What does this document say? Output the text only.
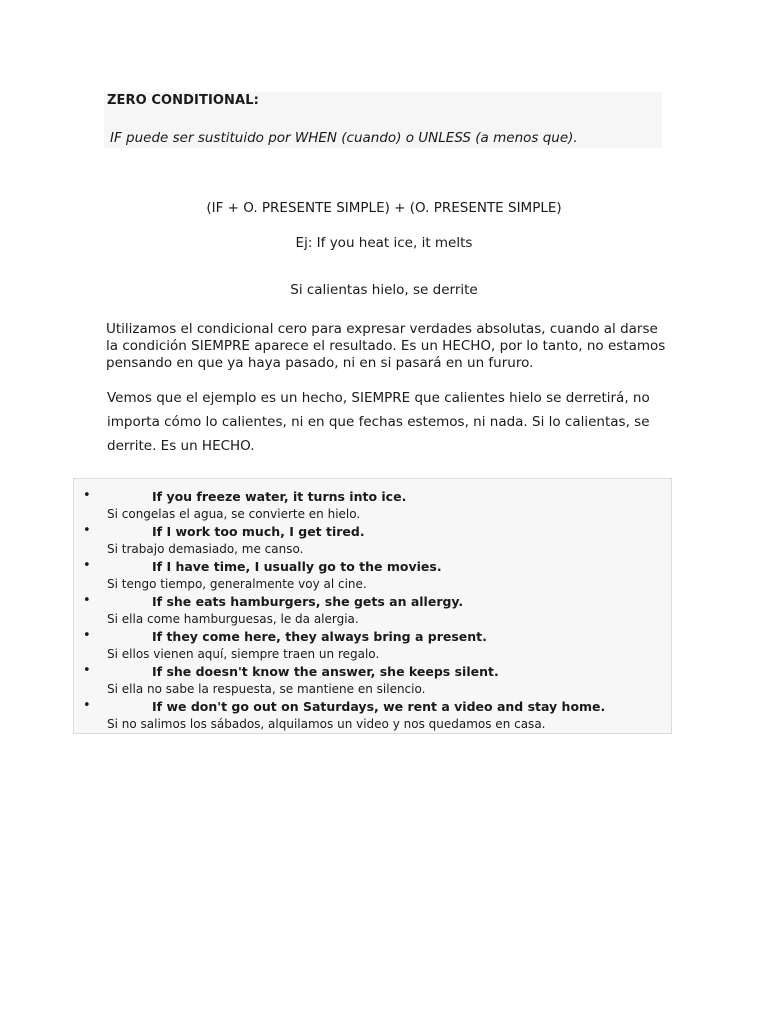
ZERO CONDITIONAL:
IF puede ser sustituido por WHEN (cuando) o UNLESS (a menos que).
(IF + O. PRESENTE SIMPLE) + (O. PRESENTE SIMPLE)
Ej: If you heat ice, it melts
Si calientas hielo, se derrite
Utilizamos el condicional cero para expresar verdades absolutas, cuando al darse la condición SIEMPRE aparece el resultado. Es un HECHO, por lo tanto, no estamos pensando en que ya haya pasado, ni en si pasará en un fururo.
Vemos que el ejemplo es un hecho, SIEMPRE que calientes hielo se derretirá, no importa cómo lo calientes, ni en que fechas estemos, ni nada. Si lo calientas, se derrite. Es un HECHO.
•	If you freeze water, it turns into ice.
Si congelas el agua, se convierte en hielo.
•	If I work too much, I get tired.
Si trabajo demasiado, me canso.
•	If I have time, I usually go to the movies.
Si tengo tiempo, generalmente voy al cine.
•	If she eats hamburgers, she gets an allergy.
Si ella come hamburguesas, le da alergia.
•	If they come here, they always bring a present.
Si ellos vienen aquí, siempre traen un regalo.
•	If she doesn't know the answer, she keeps silent.
Si ella no sabe la respuesta, se mantiene en silencio.
•	If we don't go out on Saturdays, we rent a video and stay home.
Si no salimos los sábados, alquilamos un video y nos quedamos en casa.
